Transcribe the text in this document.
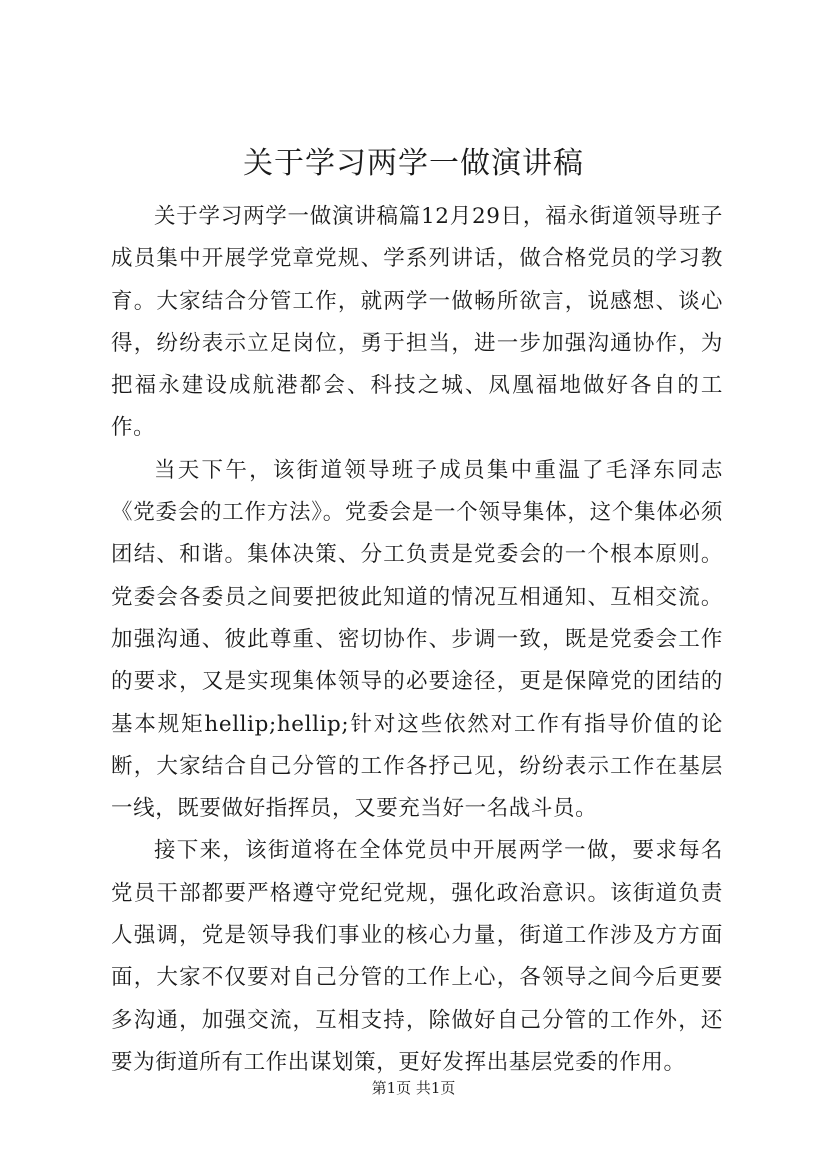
关于学习两学一做演讲稿

关于学习两学一做演讲稿篇12月29日，福永街道领导班子成员集中开展学党章党规、学系列讲话，做合格党员的学习教育。大家结合分管工作，就两学一做畅所欲言，说感想、谈心得，纷纷表示立足岗位，勇于担当，进一步加强沟通协作，为把福永建设成航港都会、科技之城、凤凰福地做好各自的工作。

当天下午，该街道领导班子成员集中重温了毛泽东同志《党委会的工作方法》。党委会是一个领导集体，这个集体必须团结、和谐。集体决策、分工负责是党委会的一个根本原则。党委会各委员之间要把彼此知道的情况互相通知、互相交流。加强沟通、彼此尊重、密切协作、步调一致，既是党委会工作的要求，又是实现集体领导的必要途径，更是保障党的团结的基本规矩hellip;hellip;针对这些依然对工作有指导价值的论断，大家结合自己分管的工作各抒己见，纷纷表示工作在基层一线，既要做好指挥员，又要充当好一名战斗员。

接下来，该街道将在全体党员中开展两学一做，要求每名党员干部都要严格遵守党纪党规，强化政治意识。该街道负责人强调，党是领导我们事业的核心力量，街道工作涉及方方面面，大家不仅要对自己分管的工作上心，各领导之间今后更要多沟通，加强交流，互相支持，除做好自己分管的工作外，还要为街道所有工作出谋划策，更好发挥出基层党委的作用。

第1页 共1页
